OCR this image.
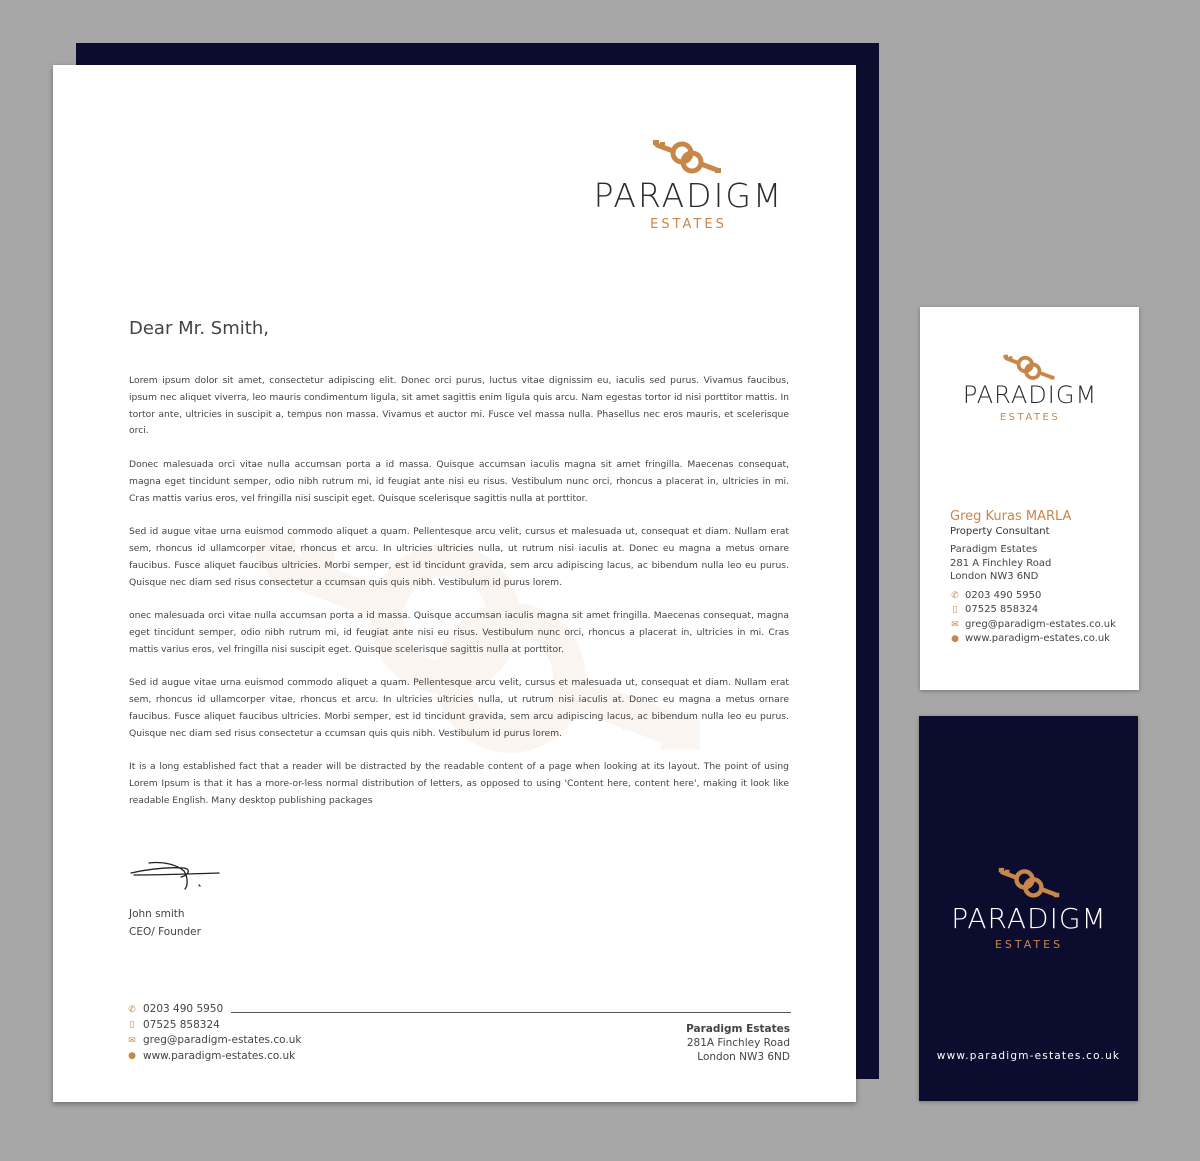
PARADIGM
ESTATES
Dear Mr. Smith,

Lorem ipsum dolor sit amet, consectetur adipiscing elit. Donec orci purus, luctus vitae dignissim eu, iaculis sed purus. Vivamus faucibus, ipsum nec aliquet viverra, leo mauris condimentum ligula, sit amet sagittis enim ligula quis arcu. Nam egestas tortor id nisi porttitor mattis. In tortor ante, ultricies in suscipit a, tempus non massa. Vivamus et auctor mi. Fusce vel massa nulla. Phasellus nec eros mauris, et scelerisque orci.

Donec malesuada orci vitae nulla accumsan porta a id massa. Quisque accumsan iaculis magna sit amet fringilla. Maecenas consequat, magna eget tincidunt semper, odio nibh rutrum mi, id feugiat ante nisi eu risus. Vestibulum nunc orci, rhoncus a placerat in, ultricies in mi. Cras mattis varius eros, vel fringilla nisi suscipit eget. Quisque scelerisque sagittis nulla at porttitor.

Sed id augue vitae urna euismod commodo aliquet a quam. Pellentesque arcu velit, cursus et malesuada ut, consequat et diam. Nullam erat sem, rhoncus id ullamcorper vitae, rhoncus et arcu. In ultricies ultricies nulla, ut rutrum nisi iaculis at. Donec eu magna a metus ornare faucibus. Fusce aliquet faucibus ultricies. Morbi semper, est id tincidunt gravida, sem arcu adipiscing lacus, ac bibendum nulla leo eu purus. Quisque nec diam sed risus consectetur a ccumsan quis quis nibh. Vestibulum id purus lorem.

onec malesuada orci vitae nulla accumsan porta a id massa. Quisque accumsan iaculis magna sit amet fringilla. Maecenas consequat, magna eget tincidunt semper, odio nibh rutrum mi, id feugiat ante nisi eu risus. Vestibulum nunc orci, rhoncus a placerat in, ultricies in mi. Cras mattis varius eros, vel fringilla nisi suscipit eget. Quisque scelerisque sagittis nulla at porttitor.

Sed id augue vitae urna euismod commodo aliquet a quam. Pellentesque arcu velit, cursus et malesuada ut, consequat et diam. Nullam erat sem, rhoncus id ullamcorper vitae, rhoncus et arcu. In ultricies ultricies nulla, ut rutrum nisi iaculis at. Donec eu magna a metus ornare faucibus. Fusce aliquet faucibus ultricies. Morbi semper, est id tincidunt gravida, sem arcu adipiscing lacus, ac bibendum nulla leo eu purus. Quisque nec diam sed risus consectetur a ccumsan quis quis nibh. Vestibulum id purus lorem.

It is a long established fact that a reader will be distracted by the readable content of a page when looking at its layout. The point of using Lorem Ipsum is that it has a more-or-less normal distribution of letters, as opposed to using 'Content here, content here', making it look like readable English. Many desktop publishing packages

John smith
CEO/ Founder
✆ 0203 490 5950
▯ 07525 858324
✉ greg@paradigm-estates.co.uk
● www.paradigm-estates.co.uk
Paradigm Estates
281A Finchley Road
London NW3 6ND
PARADIGM
ESTATES
Greg Kuras MARLA
Property Consultant
Paradigm Estates
281 A Finchley Road
London NW3 6ND
✆ 0203 490 5950
▯ 07525 858324
✉ greg@paradigm-estates.co.uk
● www.paradigm-estates.co.uk
PARADIGM
ESTATES
www.paradigm-estates.co.uk
